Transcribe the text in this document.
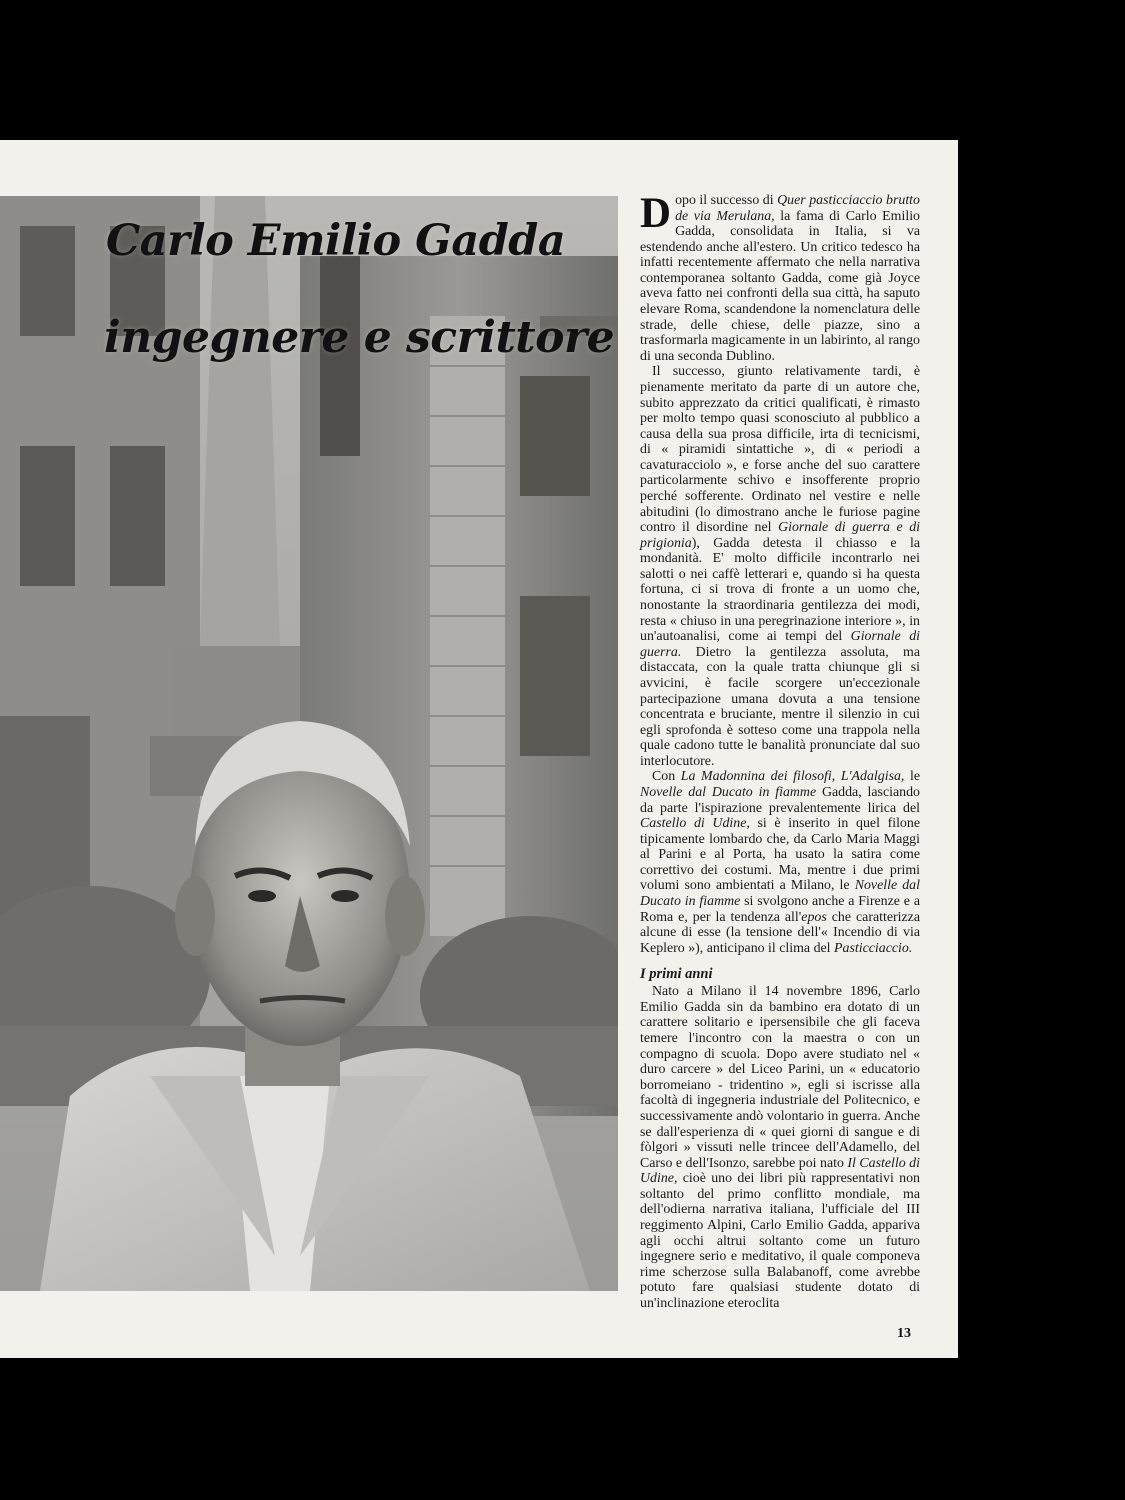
Carlo Emilio Gadda
ingegnere e scrittore

Dopo il successo di Quer pasticciaccio brutto de via Merulana, la fama di Carlo Emilio Gadda, consolidata in Italia, si va estendendo anche all'estero. Un critico tedesco ha infatti recentemente affermato che nella narrativa contemporanea soltanto Gadda, come già Joyce aveva fatto nei confronti della sua città, ha saputo elevare Roma, scandendone la nomenclatura delle strade, delle chiese, delle piazze, sino a trasformarla magicamente in un labirinto, al rango di una seconda Dublino.

Il successo, giunto relativamente tardi, è pienamente meritato da parte di un autore che, subito apprezzato da critici qualificati, è rimasto per molto tempo quasi sconosciuto al pubblico a causa della sua prosa difficile, irta di tecnicismi, di « piramidi sintattiche », di « periodi a cavaturacciolo », e forse anche del suo carattere particolarmente schivo e insofferente proprio perché sofferente. Ordinato nel vestire e nelle abitudini (lo dimostrano anche le furiose pagine contro il disordine nel Giornale di guerra e di prigionia), Gadda detesta il chiasso e la mondanità. E' molto difficile incontrarlo nei salotti o nei caffè letterari e, quando si ha questa fortuna, ci si trova di fronte a un uomo che, nonostante la straordinaria gentilezza dei modi, resta « chiuso in una peregrinazione interiore », in un'autoanalisi, come ai tempi del Giornale di guerra. Dietro la gentilezza assoluta, ma distaccata, con la quale tratta chiunque gli si avvicini, è facile scorgere un'eccezionale partecipazione umana dovuta a una tensione concentrata e bruciante, mentre il silenzio in cui egli sprofonda è sotteso come una trappola nella quale cadono tutte le banalità pronunciate dal suo interlocutore.

Con La Madonnina dei filosofi, L'Adalgisa, le Novelle dal Ducato in fiamme Gadda, lasciando da parte l'ispirazione prevalentemente lirica del Castello di Udine, si è inserito in quel filone tipicamente lombardo che, da Carlo Maria Maggi al Parini e al Porta, ha usato la satira come correttivo dei costumi. Ma, mentre i due primi volumi sono ambientati a Milano, le Novelle dal Ducato in fiamme si svolgono anche a Firenze e a Roma e, per la tendenza all'epos che caratterizza alcune di esse (la tensione dell'« Incendio di via Keplero »), anticipano il clima del Pasticciaccio.

I primi anni

Nato a Milano il 14 novembre 1896, Carlo Emilio Gadda sin da bambino era dotato di un carattere solitario e ipersensibile che gli faceva temere l'incontro con la maestra o con un compagno di scuola. Dopo avere studiato nel « duro carcere » del Liceo Parini, un « educatorio borromeiano - tridentino », egli si iscrisse alla facoltà di ingegneria industriale del Politecnico, e successivamente andò volontario in guerra. Anche se dall'esperienza di « quei giorni di sangue e di fòlgori » vissuti nelle trincee dell'Adamello, del Carso e dell'Isonzo, sarebbe poi nato Il Castello di Udine, cioè uno dei libri più rappresentativi non soltanto del primo conflitto mondiale, ma dell'odierna narrativa italiana, l'ufficiale del III reggimento Alpini, Carlo Emilio Gadda, appariva agli occhi altrui soltanto come un futuro ingegnere serio e meditativo, il quale componeva rime scherzose sulla Balabanoff, come avrebbe potuto fare qualsiasi studente dotato di un'inclinazione eteroclita

13
